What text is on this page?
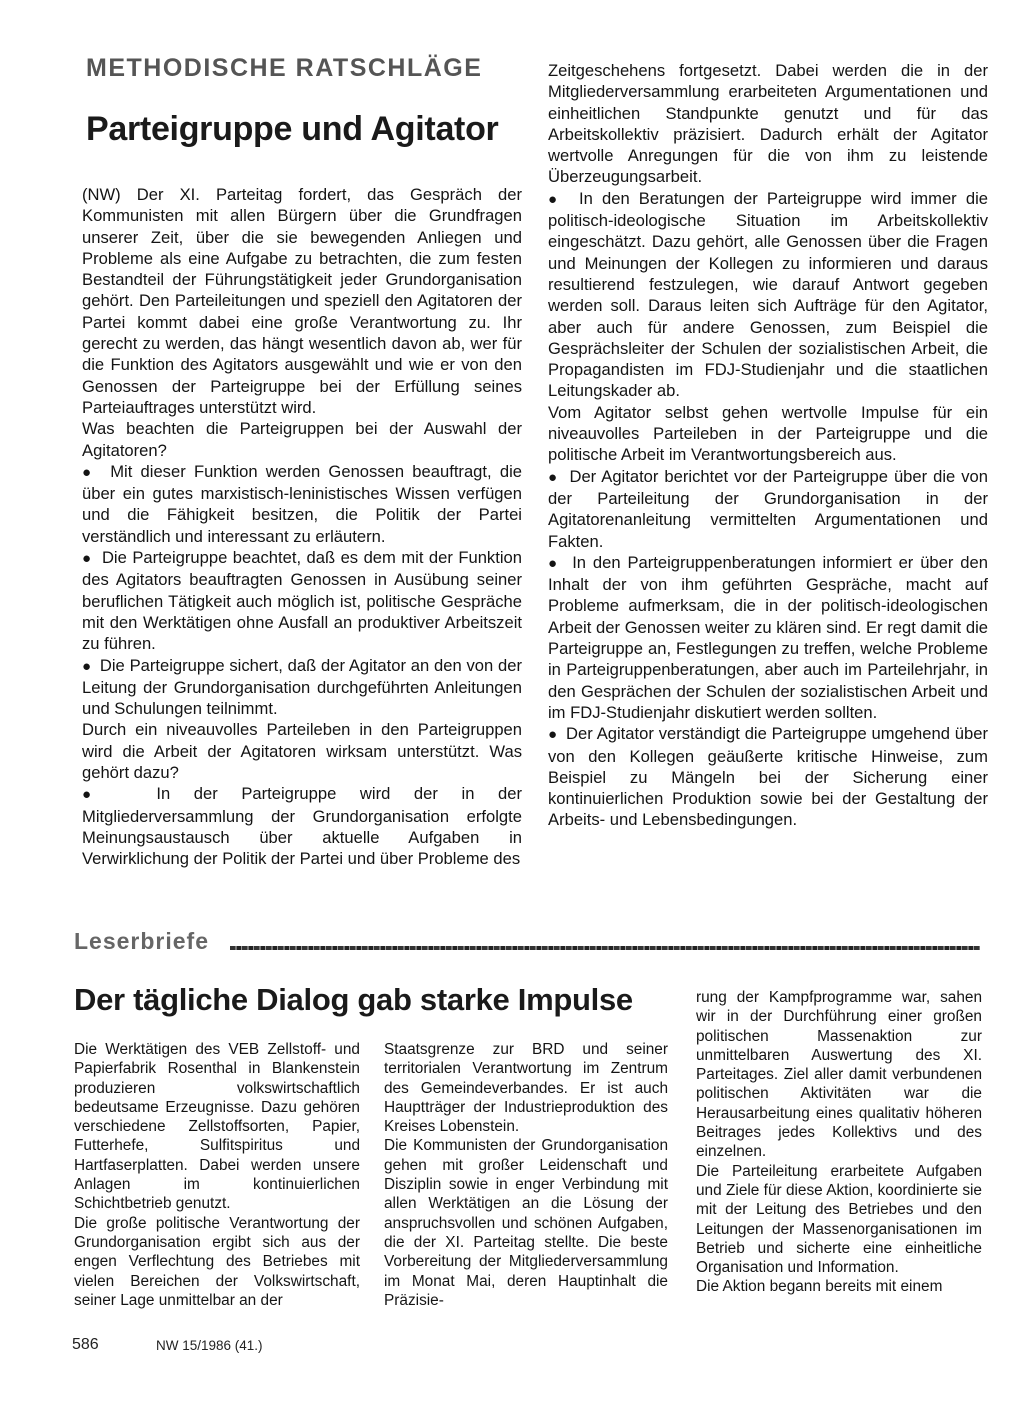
METHODISCHE RATSCHLÄGE
Parteigruppe und Agitator

(NW) Der XI. Parteitag fordert, das Gespräch der Kommunisten mit allen Bürgern über die Grundfragen unserer Zeit, über die sie bewegenden Anliegen und Probleme als eine Aufgabe zu betrachten, die zum festen Bestandteil der Führungstätigkeit jeder Grundorganisation gehört. Den Parteileitungen und speziell den Agitatoren der Partei kommt dabei eine große Verantwortung zu. Ihr gerecht zu werden, das hängt wesentlich davon ab, wer für die Funktion des Agitators ausgewählt und wie er von den Genossen der Parteigruppe bei der Erfüllung seines Parteiauftrages unterstützt wird.

Was beachten die Parteigruppen bei der Auswahl der Agitatoren?

●  Mit dieser Funktion werden Genossen beauftragt, die über ein gutes marxistisch-leninistisches Wissen verfügen und die Fähigkeit besitzen, die Politik der Partei verständlich und interessant zu erläutern.

●  Die Parteigruppe beachtet, daß es dem mit der Funktion des Agitators beauftragten Genossen in Ausübung seiner beruflichen Tätigkeit auch möglich ist, politische Gespräche mit den Werktätigen ohne Ausfall an produktiver Arbeitszeit zu führen.

●  Die Parteigruppe sichert, daß der Agitator an den von der Leitung der Grundorganisation durchgeführten Anleitungen und Schulungen teilnimmt.

Durch ein niveauvolles Parteileben in den Parteigruppen wird die Arbeit der Agitatoren wirksam unterstützt. Was gehört dazu?

●  In der Parteigruppe wird der in der Mitgliederversammlung der Grundorganisation erfolgte Meinungsaustausch über aktuelle Aufgaben in Verwirklichung der Politik der Partei und über Probleme des

Zeitgeschehens fortgesetzt. Dabei werden die in der Mitgliederversammlung erarbeiteten Argumentationen und einheitlichen Standpunkte genutzt und für das Arbeitskollektiv präzisiert. Dadurch erhält der Agitator wertvolle Anregungen für die von ihm zu leistende Überzeugungsarbeit.

●  In den Beratungen der Parteigruppe wird immer die politisch-ideologische Situation im Arbeitskollektiv eingeschätzt. Dazu gehört, alle Genossen über die Fragen und Meinungen der Kollegen zu informieren und daraus resultierend festzulegen, wie darauf Antwort gegeben werden soll. Daraus leiten sich Aufträge für den Agitator, aber auch für andere Genossen, zum Beispiel die Gesprächsleiter der Schulen der sozialistischen Arbeit, die Propagandisten im FDJ-Studienjahr und die staatlichen Leitungskader ab.

Vom Agitator selbst gehen wertvolle Impulse für ein niveauvolles Parteileben in der Parteigruppe und die politische Arbeit im Verantwortungsbereich aus.

●  Der Agitator berichtet vor der Parteigruppe über die von der Parteileitung der Grundorganisation in der Agitatorenanleitung vermittelten Argumentationen und Fakten.

●  In den Parteigruppenberatungen informiert er über den Inhalt der von ihm geführten Gespräche, macht auf Probleme aufmerksam, die in der politisch-ideologischen Arbeit der Genossen weiter zu klären sind. Er regt damit die Parteigruppe an, Festlegungen zu treffen, welche Probleme in Parteigruppenberatungen, aber auch im Parteilehrjahr, in den Gesprächen der Schulen der sozialistischen Arbeit und im FDJ-Studienjahr diskutiert werden sollten.

●  Der Agitator verständigt die Parteigruppe umgehend über von den Kollegen geäußerte kritische Hinweise, zum Beispiel zu Mängeln bei der Sicherung einer kontinuierlichen Produktion sowie bei der Gestaltung der Arbeits- und Lebensbedingungen.

Leserbriefe
Der tägliche Dialog gab starke Impulse

Die Werktätigen des VEB Zellstoff- und Papierfabrik Rosenthal in Blankenstein produzieren volkswirtschaftlich bedeutsame Erzeugnisse. Dazu gehören verschiedene Zellstoffsorten, Papier, Futterhefe, Sulfitspiritus und Hartfaserplatten. Dabei werden unsere Anlagen im kontinuierlichen Schichtbetrieb genutzt.

Die große politische Verantwortung der Grundorganisation ergibt sich aus der engen Verflechtung des Betriebes mit vielen Bereichen der Volkswirtschaft, seiner Lage unmittelbar an der

Staatsgrenze zur BRD und seiner territorialen Verantwortung im Zentrum des Gemeindeverbandes. Er ist auch Hauptträger der Industrieproduktion des Kreises Lobenstein.

Die Kommunisten der Grundorganisation gehen mit großer Leidenschaft und Disziplin sowie in enger Verbindung mit allen Werktätigen an die Lösung der anspruchsvollen und schönen Aufgaben, die der XI. Parteitag stellte. Die beste Vorbereitung der Mitgliederversammlung im Monat Mai, deren Hauptinhalt die Präzisie-

rung der Kampfprogramme war, sahen wir in der Durchführung einer großen politischen Massenaktion zur unmittelbaren Auswertung des XI. Parteitages. Ziel aller damit verbundenen politischen Aktivitäten war die Herausarbeitung eines qualitativ höheren Beitrages jedes Kollektivs und des einzelnen.

Die Parteileitung erarbeitete Aufgaben und Ziele für diese Aktion, koordinierte sie mit der Leitung des Betriebes und den Leitungen der Massenorganisationen im Betrieb und sicherte eine einheitliche Organisation und Information.

Die Aktion begann bereits mit einem

586	NW 15/1986 (41.)
